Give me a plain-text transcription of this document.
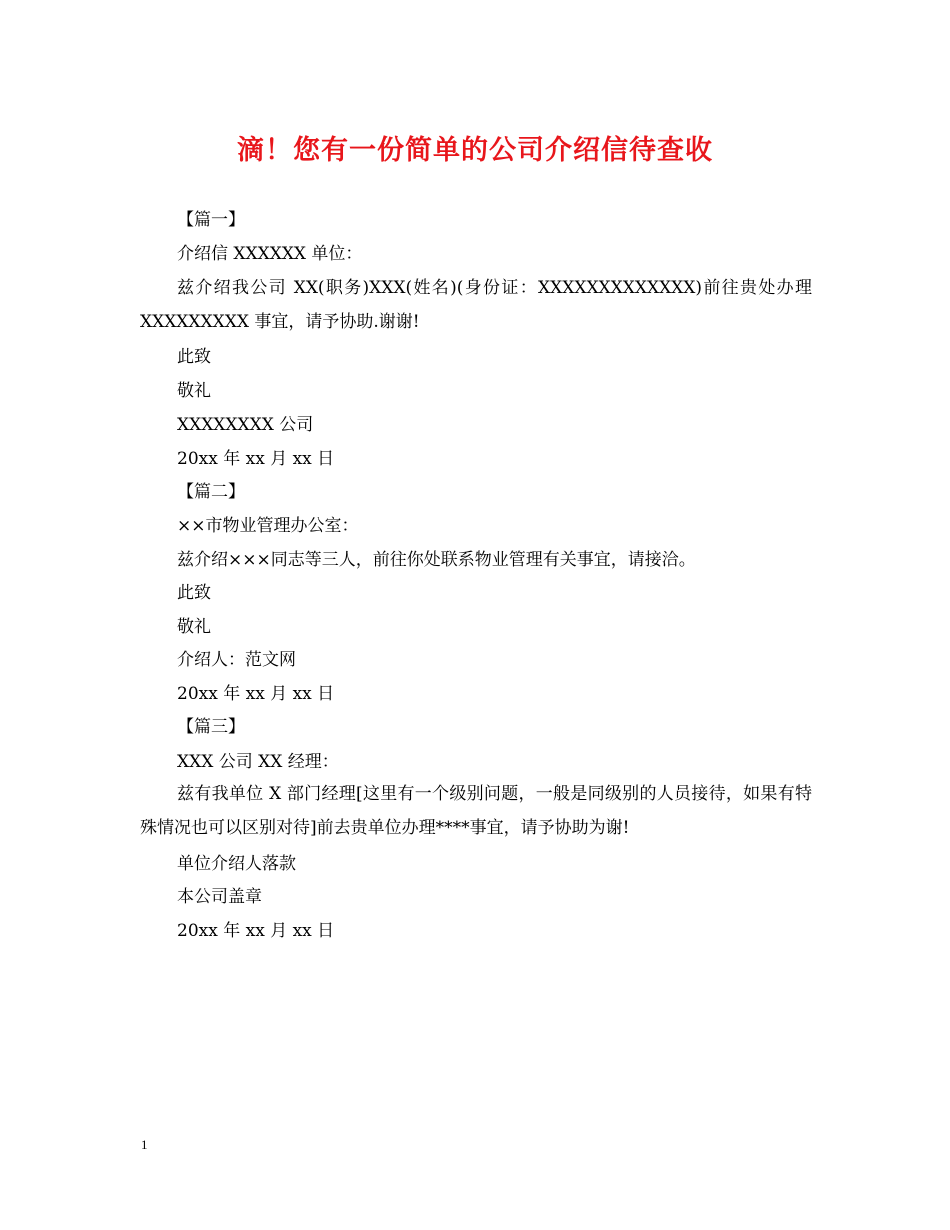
滴！您有一份简单的公司介绍信待查收
【篇一】
介绍信 XXXXXX 单位：

兹介绍我公司 XX(职务)XXX(姓名)(身份证：XXXXXXXXXXXXX)前往贵处办理 XXXXXXXXX 事宜，请予协助.谢谢!

此致
敬礼
XXXXXXXX 公司
20xx 年 xx 月 xx 日
【篇二】
××市物业管理办公室：
兹介绍×××同志等三人，前往你处联系物业管理有关事宜，请接洽。
此致
敬礼
介绍人：范文网
20xx 年 xx 月 xx 日
【篇三】
XXX 公司 XX 经理：

兹有我单位 X 部门经理[这里有一个级别问题，一般是同级别的人员接待，如果有特殊情况也可以区别对待]前去贵单位办理****事宜，请予协助为谢!

单位介绍人落款
本公司盖章
20xx 年 xx 月 xx 日
1
